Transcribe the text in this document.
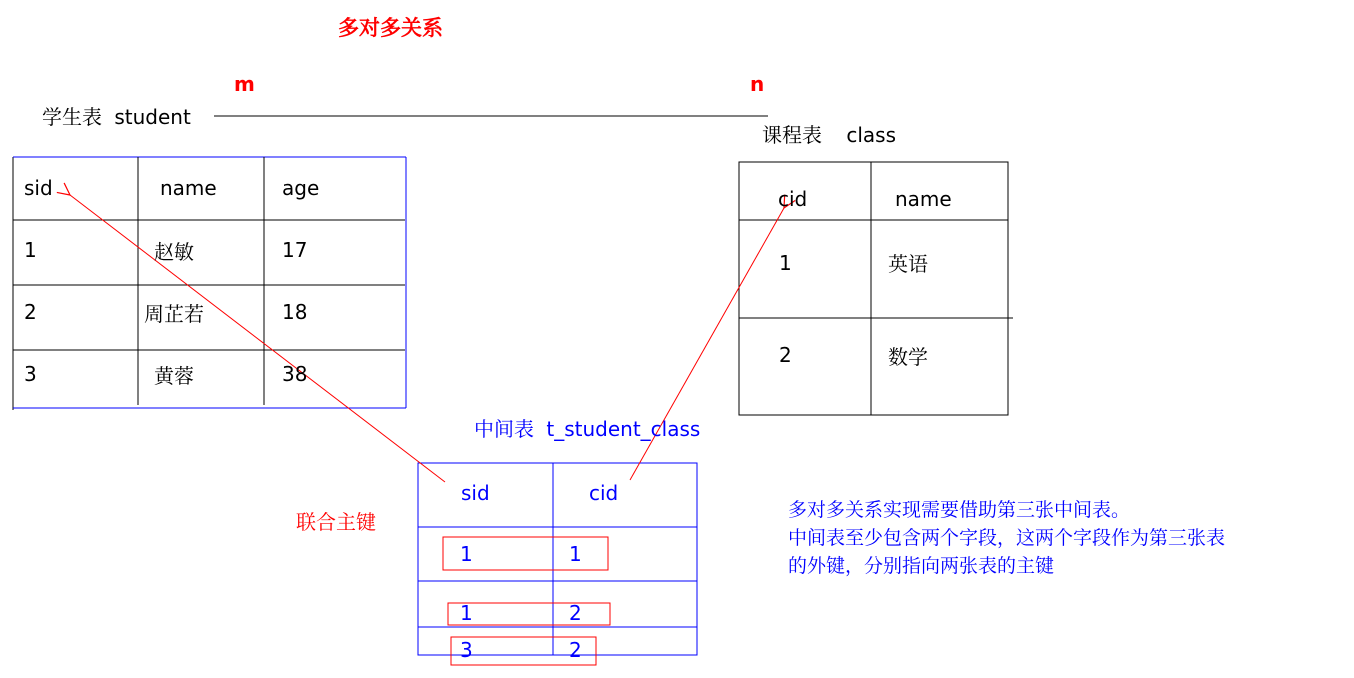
多对多关系
m	n
学生表 student
课程表 class
sid	name	age
1	赵敏	17
2	周芷若	18
3	黄蓉	38
cid	name
1	英语
2	数学
中间表 t_student_class
sid	cid
1	1
1	2
3	2
联合主键	多对多关系实现需要借助第三张中间表。
中间表至少包含两个字段，这两个字段作为第三张表
的外键，分别指向两张表的主键
